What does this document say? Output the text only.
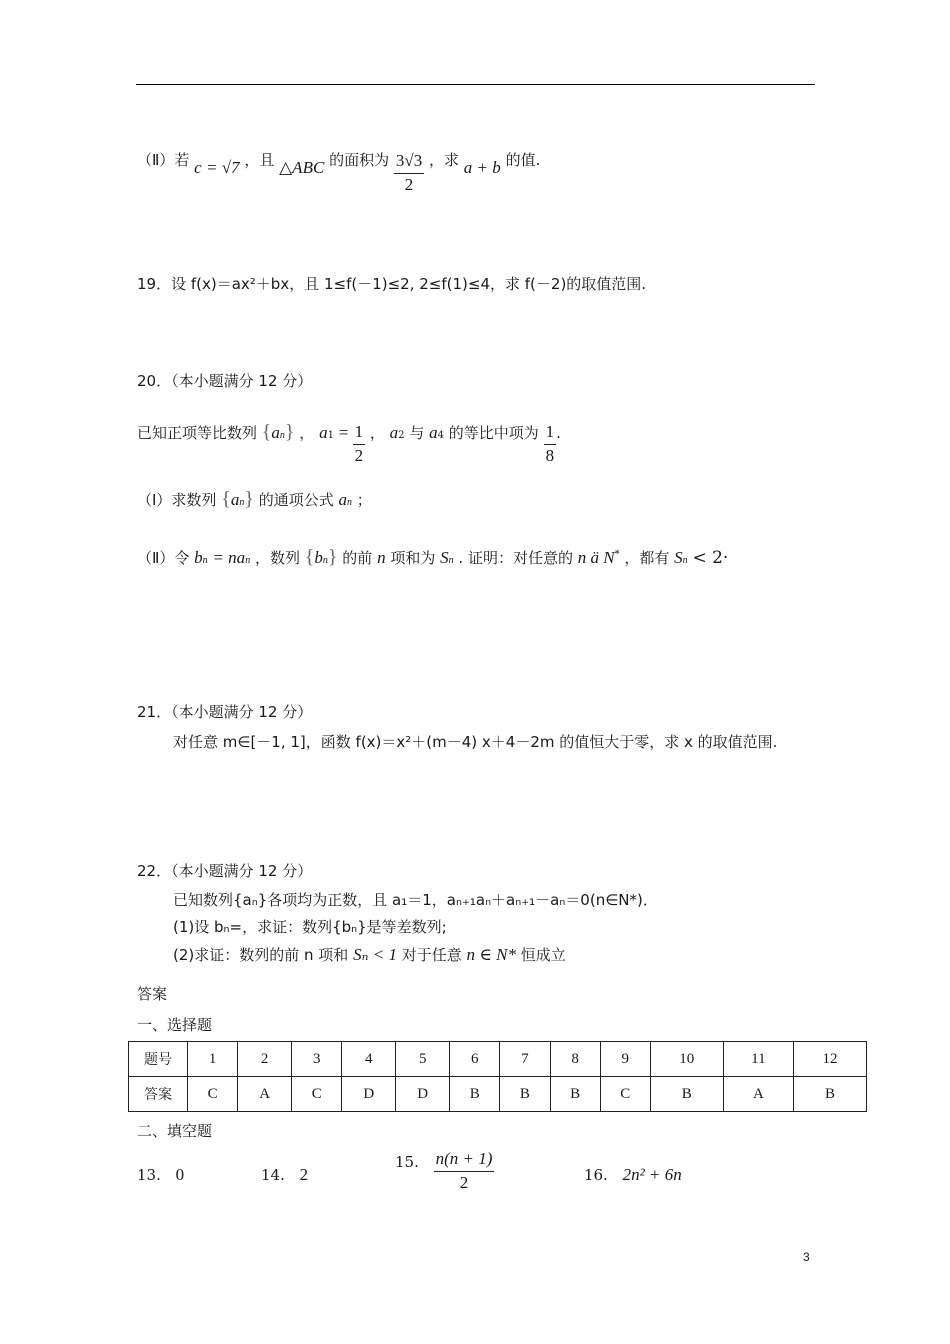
（Ⅱ）若 c = √7 ，且 △ABC 的面积为 $\frac{3√3}{2}$ ，求 a + b 的值.
19．设 f(x)＝ax²＋bx，且 1≤f(－1)≤2, 2≤f(1)≤4，求 f(－2)的取值范围.
20．（本小题满分 12 分）
已知正项等比数列 {an} ， $a1 = \frac{1}{2}$ ， a2 与 a4 的等比中项为 $\frac{1}{8}$ .
（Ⅰ）求数列 {an} 的通项公式 an ；
（Ⅱ）令 bn = nan ，数列 {bn} 的前 n 项和为 Sn . 证明：对任意的 n ä N* ，都有 Sn < 2·
21．（本小题满分 12 分）
对任意 m∈[－1, 1]，函数 f(x)＝x²＋(m－4) x＋4－2m 的值恒大于零，求 x 的取值范围.
22．（本小题满分 12 分）
已知数列{aₙ}各项均为正数，且 a₁＝1，aₙ₊₁aₙ＋aₙ₊₁－aₙ＝0(n∈N*)．
(1)设 bₙ=，求证：数列{bₙ}是等差数列;
(2)求证：数列的前 n 项和 Sₙ < 1 对于任意 n ∈ N* 恒成立
答案
一、选择题
题号	1	2	3	4	5	6	7	8	9	10	11	12
答案	C	A	C	D	D	B	B	B	C	B	A	B
二、填空题
13. 0	14. 2
15. $\frac{n(n + 1)}{2}$	16. 2n² + 6n
3
